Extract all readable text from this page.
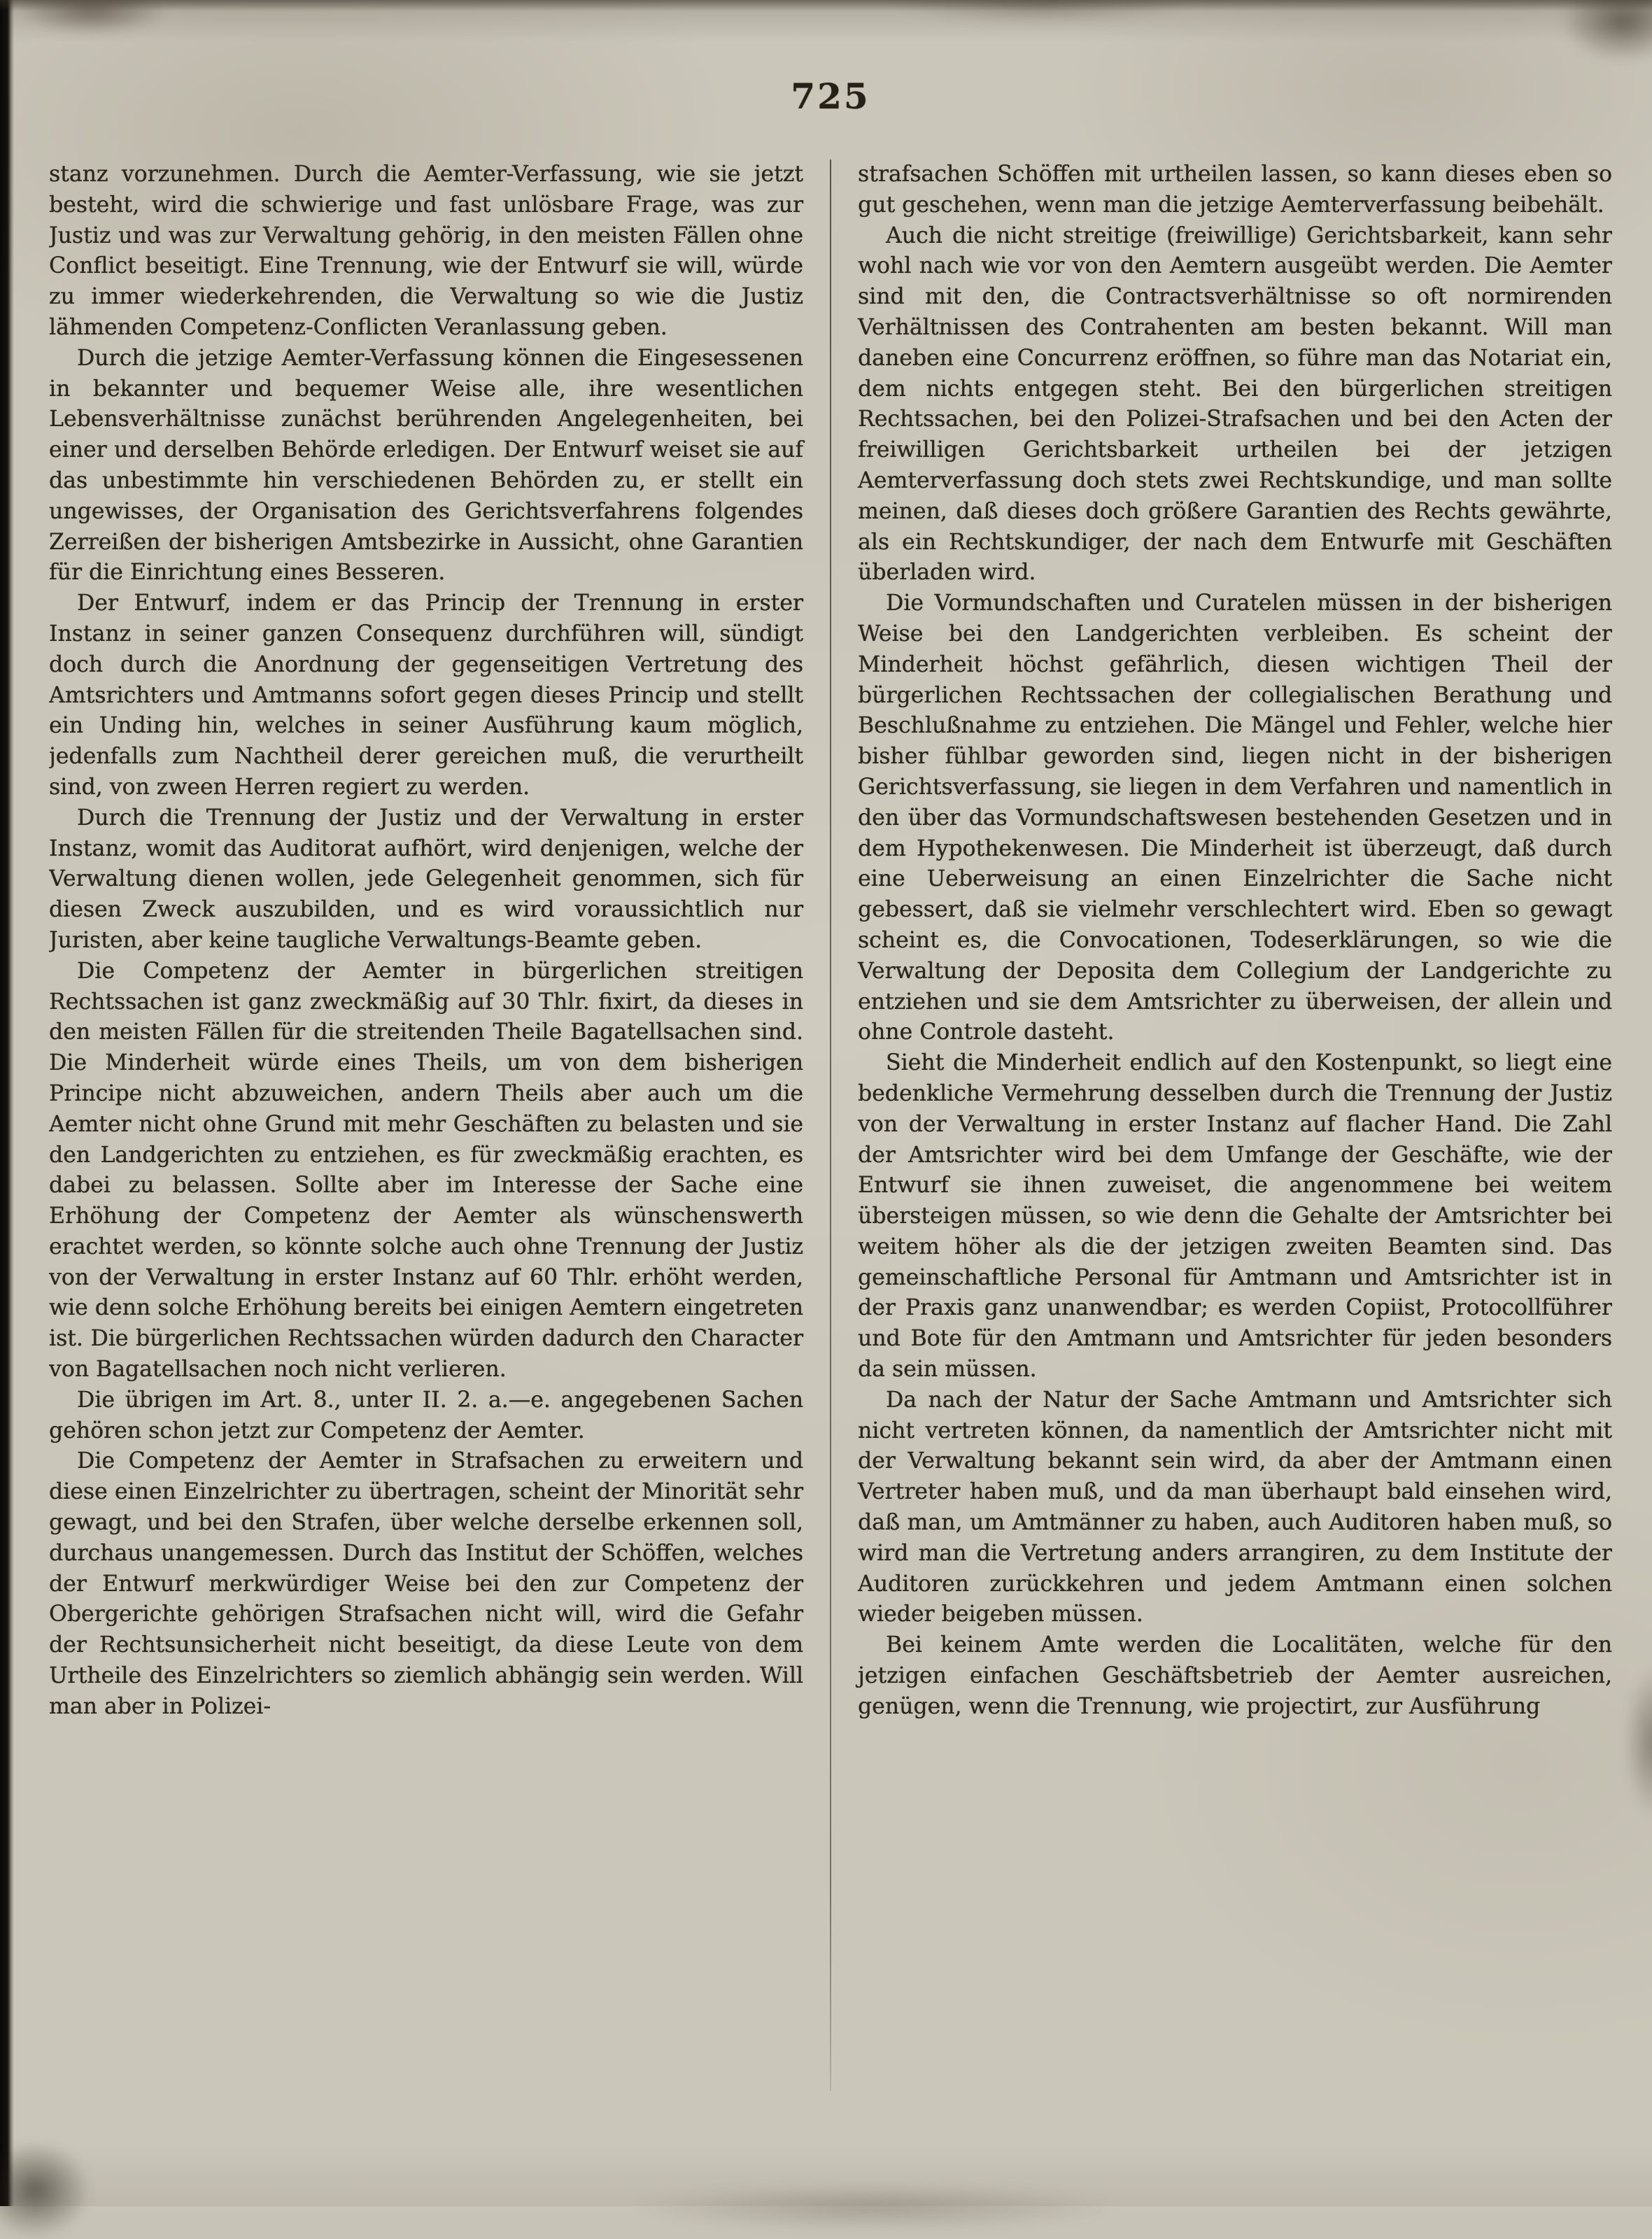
725

stanz vorzunehmen. Durch die Aemter-Verfassung, wie sie jetzt besteht, wird die schwierige und fast unlösbare Frage, was zur Justiz und was zur Verwaltung gehörig, in den meisten Fällen ohne Conflict beseitigt. Eine Trennung, wie der Entwurf sie will, würde zu immer wiederkehrenden, die Verwaltung so wie die Justiz lähmenden Competenz-Conflicten Veranlassung geben.

Durch die jetzige Aemter-Verfassung können die Eingesessenen in bekannter und bequemer Weise alle, ihre wesentlichen Lebensverhältnisse zunächst berührenden Angelegenheiten, bei einer und derselben Behörde erledigen. Der Entwurf weiset sie auf das unbestimmte hin verschiedenen Behörden zu, er stellt ein ungewisses, der Organisation des Gerichtsverfahrens folgendes Zerreißen der bisherigen Amtsbezirke in Aussicht, ohne Garantien für die Einrichtung eines Besseren.

Der Entwurf, indem er das Princip der Trennung in erster Instanz in seiner ganzen Consequenz durchführen will, sündigt doch durch die Anordnung der gegenseitigen Vertretung des Amtsrichters und Amtmanns sofort gegen dieses Princip und stellt ein Unding hin, welches in seiner Ausführung kaum möglich, jedenfalls zum Nachtheil derer gereichen muß, die verurtheilt sind, von zween Herren regiert zu werden.

Durch die Trennung der Justiz und der Verwaltung in erster Instanz, womit das Auditorat aufhört, wird denjenigen, welche der Verwaltung dienen wollen, jede Gelegenheit genommen, sich für diesen Zweck auszubilden, und es wird voraussichtlich nur Juristen, aber keine taugliche Verwaltungs-Beamte geben.

Die Competenz der Aemter in bürgerlichen streitigen Rechtssachen ist ganz zweckmäßig auf 30 Thlr. fixirt, da dieses in den meisten Fällen für die streitenden Theile Bagatellsachen sind. Die Minderheit würde eines Theils, um von dem bisherigen Principe nicht abzuweichen, andern Theils aber auch um die Aemter nicht ohne Grund mit mehr Geschäften zu belasten und sie den Landgerichten zu entziehen, es für zweckmäßig erachten, es dabei zu belassen. Sollte aber im Interesse der Sache eine Erhöhung der Competenz der Aemter als wünschenswerth erachtet werden, so könnte solche auch ohne Trennung der Justiz von der Verwaltung in erster Instanz auf 60 Thlr. erhöht werden, wie denn solche Erhöhung bereits bei einigen Aemtern eingetreten ist. Die bürgerlichen Rechtssachen würden dadurch den Character von Bagatellsachen noch nicht verlieren.

Die übrigen im Art. 8., unter II. 2. a.—e. angegebenen Sachen gehören schon jetzt zur Competenz der Aemter.

Die Competenz der Aemter in Strafsachen zu erweitern und diese einen Einzelrichter zu übertragen, scheint der Minorität sehr gewagt, und bei den Strafen, über welche derselbe erkennen soll, durchaus unangemessen. Durch das Institut der Schöffen, welches der Entwurf merkwürdiger Weise bei den zur Competenz der Obergerichte gehörigen Strafsachen nicht will, wird die Gefahr der Rechtsunsicherheit nicht beseitigt, da diese Leute von dem Urtheile des Einzelrichters so ziemlich abhängig sein werden. Will man aber in Polizei-

strafsachen Schöffen mit urtheilen lassen, so kann dieses eben so gut geschehen, wenn man die jetzige Aemterverfassung beibehält.

Auch die nicht streitige (freiwillige) Gerichtsbarkeit, kann sehr wohl nach wie vor von den Aemtern ausgeübt werden. Die Aemter sind mit den, die Contractsverhältnisse so oft normirenden Verhältnissen des Contrahenten am besten bekannt. Will man daneben eine Concurrenz eröffnen, so führe man das Notariat ein, dem nichts entgegen steht. Bei den bürgerlichen streitigen Rechtssachen, bei den Polizei-Strafsachen und bei den Acten der freiwilligen Gerichtsbarkeit urtheilen bei der jetzigen Aemterverfassung doch stets zwei Rechtskundige, und man sollte meinen, daß dieses doch größere Garantien des Rechts gewährte, als ein Rechtskundiger, der nach dem Entwurfe mit Geschäften überladen wird.

Die Vormundschaften und Curatelen müssen in der bisherigen Weise bei den Landgerichten verbleiben. Es scheint der Minderheit höchst gefährlich, diesen wichtigen Theil der bürgerlichen Rechtssachen der collegialischen Berathung und Beschlußnahme zu entziehen. Die Mängel und Fehler, welche hier bisher fühlbar geworden sind, liegen nicht in der bisherigen Gerichtsverfassung, sie liegen in dem Verfahren und namentlich in den über das Vormundschaftswesen bestehenden Gesetzen und in dem Hypothekenwesen. Die Minderheit ist überzeugt, daß durch eine Ueberweisung an einen Einzelrichter die Sache nicht gebessert, daß sie vielmehr verschlechtert wird. Eben so gewagt scheint es, die Convocationen, Todeserklärungen, so wie die Verwaltung der Deposita dem Collegium der Landgerichte zu entziehen und sie dem Amtsrichter zu überweisen, der allein und ohne Controle dasteht.

Sieht die Minderheit endlich auf den Kostenpunkt, so liegt eine bedenkliche Vermehrung desselben durch die Trennung der Justiz von der Verwaltung in erster Instanz auf flacher Hand. Die Zahl der Amtsrichter wird bei dem Umfange der Geschäfte, wie der Entwurf sie ihnen zuweiset, die angenommene bei weitem übersteigen müssen, so wie denn die Gehalte der Amtsrichter bei weitem höher als die der jetzigen zweiten Beamten sind. Das gemeinschaftliche Personal für Amtmann und Amtsrichter ist in der Praxis ganz unanwendbar; es werden Copiist, Protocollführer und Bote für den Amtmann und Amtsrichter für jeden besonders da sein müssen.

Da nach der Natur der Sache Amtmann und Amtsrichter sich nicht vertreten können, da namentlich der Amtsrichter nicht mit der Verwaltung bekannt sein wird, da aber der Amtmann einen Vertreter haben muß, und da man überhaupt bald einsehen wird, daß man, um Amtmänner zu haben, auch Auditoren haben muß, so wird man die Vertretung anders arrangiren, zu dem Institute der Auditoren zurückkehren und jedem Amtmann einen solchen wieder beigeben müssen.

Bei keinem Amte werden die Localitäten, welche für den jetzigen einfachen Geschäftsbetrieb der Aemter ausreichen, genügen, wenn die Trennung, wie projectirt, zur Ausführung
